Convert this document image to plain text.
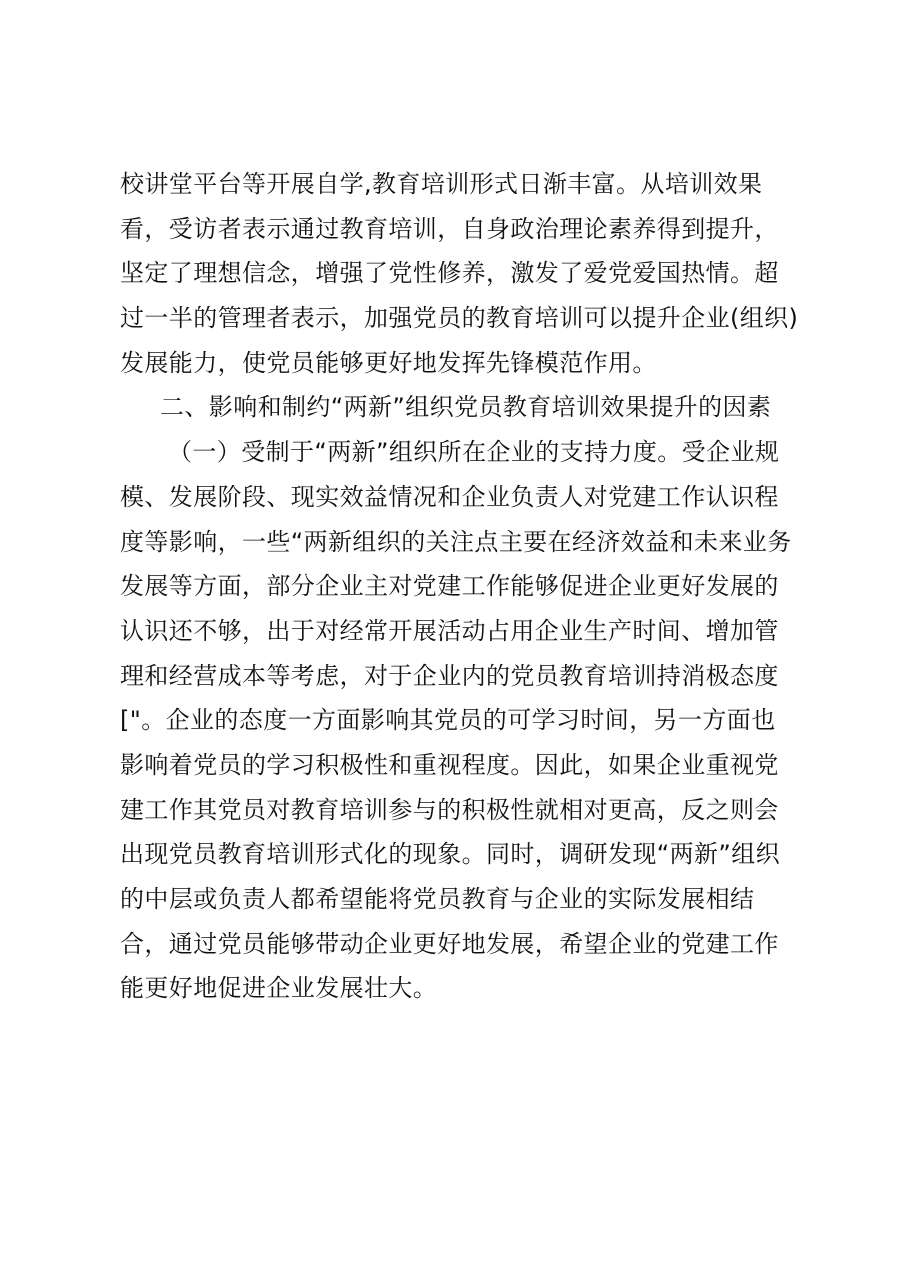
校讲堂平台等开展自学,教育培训形式日渐丰富。从培训效果
看，受访者表示通过教育培训，自身政治理论素养得到提升，
坚定了理想信念，增强了党性修养，激发了爱党爱国热情。超
过一半的管理者表示，加强党员的教育培训可以提升企业(组织)
发展能力，使党员能够更好地发挥先锋模范作用。
二、影响和制约“两新”组织党员教育培训效果提升的因素
（一）受制于“两新”组织所在企业的支持力度。受企业规
模、发展阶段、现实效益情况和企业负责人对党建工作认识程
度等影响，一些“两新组织的关注点主要在经济效益和未来业务
发展等方面，部分企业主对党建工作能够促进企业更好发展的
认识还不够，出于对经常开展活动占用企业生产时间、增加管
理和经营成本等考虑，对于企业内的党员教育培训持消极态度
["。企业的态度一方面影响其党员的可学习时间，另一方面也
影响着党员的学习积极性和重视程度。因此，如果企业重视党
建工作其党员对教育培训参与的积极性就相对更高，反之则会
出现党员教育培训形式化的现象。同时，调研发现“两新”组织
的中层或负责人都希望能将党员教育与企业的实际发展相结
合，通过党员能够带动企业更好地发展，希望企业的党建工作
能更好地促进企业发展壮大。
